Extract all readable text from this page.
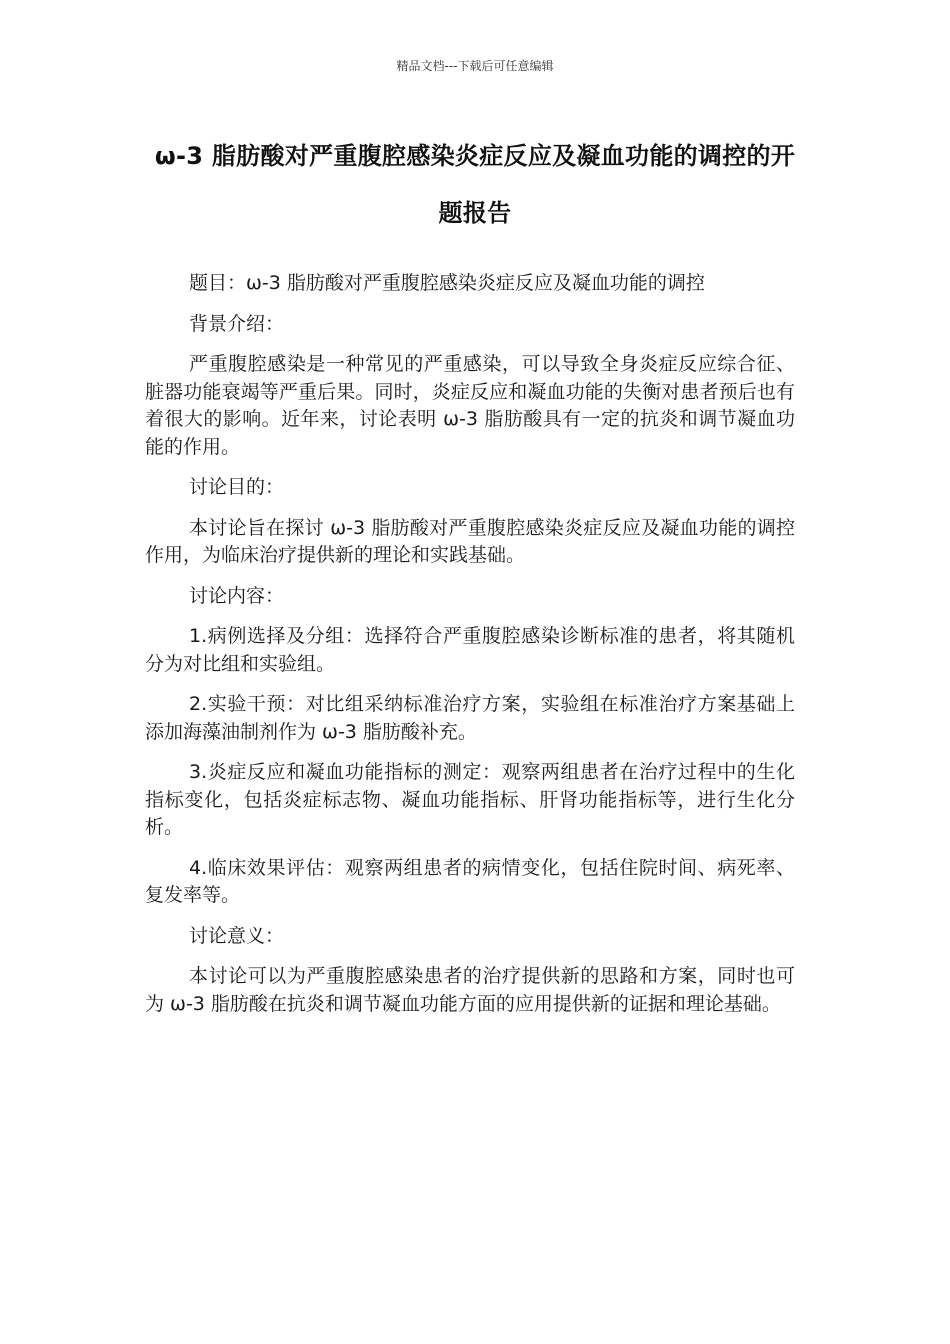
精品文档---下载后可任意编辑
ω-3 脂肪酸对严重腹腔感染炎症反应及凝血功能的调控的开题报告

题目：ω-3 脂肪酸对严重腹腔感染炎症反应及凝血功能的调控

背景介绍：

严重腹腔感染是一种常见的严重感染，可以导致全身炎症反应综合征、脏器功能衰竭等严重后果。同时，炎症反应和凝血功能的失衡对患者预后也有着很大的影响。近年来，讨论表明 ω-3 脂肪酸具有一定的抗炎和调节凝血功能的作用。

讨论目的：

本讨论旨在探讨 ω-3 脂肪酸对严重腹腔感染炎症反应及凝血功能的调控作用，为临床治疗提供新的理论和实践基础。

讨论内容：

1.病例选择及分组：选择符合严重腹腔感染诊断标准的患者，将其随机分为对比组和实验组。

2.实验干预：对比组采纳标准治疗方案，实验组在标准治疗方案基础上添加海藻油制剂作为 ω-3 脂肪酸补充。

3.炎症反应和凝血功能指标的测定：观察两组患者在治疗过程中的生化指标变化，包括炎症标志物、凝血功能指标、肝肾功能指标等，进行生化分析。

4.临床效果评估：观察两组患者的病情变化，包括住院时间、病死率、复发率等。

讨论意义：

本讨论可以为严重腹腔感染患者的治疗提供新的思路和方案，同时也可为 ω-3 脂肪酸在抗炎和调节凝血功能方面的应用提供新的证据和理论基础。
